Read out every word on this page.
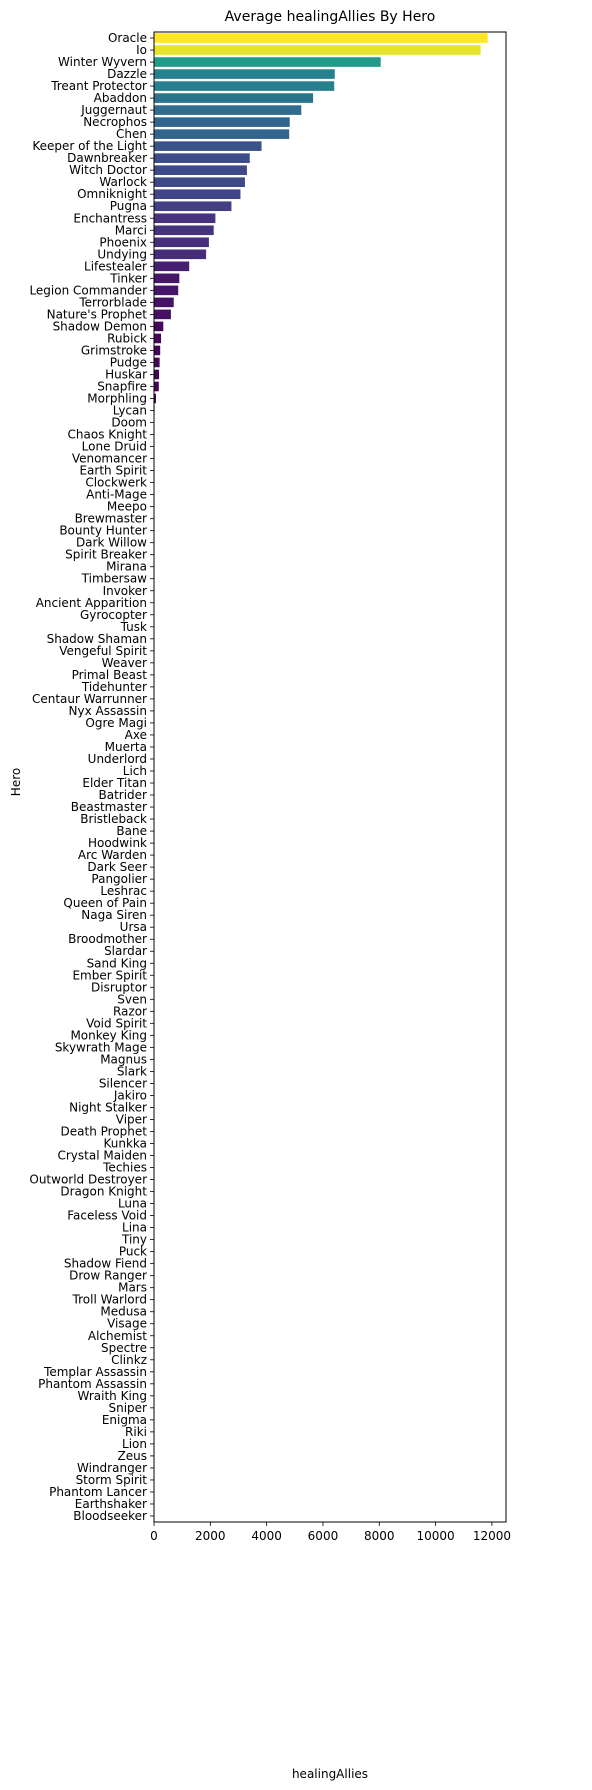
Average healingAllies By Hero
Oracle
Io
Winter Wyvern
Dazzle
Treant Protector
Abaddon
Juggernaut
Necrophos
Chen
Keeper of the Light
Dawnbreaker
Witch Doctor
Warlock
Omniknight
Pugna
Enchantress
Marci
Phoenix
Undying
Lifestealer
Tinker
Legion Commander
Terrorblade
Nature's Prophet
Shadow Demon
Rubick
Grimstroke
Pudge
Huskar
Snapfire
Morphling
Lycan
Doom
Chaos Knight
Lone Druid
Venomancer
Earth Spirit
Clockwerk
Anti-Mage
Meepo
Brewmaster
Bounty Hunter
Dark Willow
Spirit Breaker
Mirana
Timbersaw
Invoker
Ancient Apparition
Gyrocopter
Tusk
Shadow Shaman
Vengeful Spirit
Weaver
Primal Beast
Tidehunter
Centaur Warrunner
Nyx Assassin
Ogre Magi
Axe
Muerta
Underlord
Lich
Elder Titan
Batrider
Beastmaster
Bristleback
Bane
Hoodwink
Arc Warden
Dark Seer
Pangolier
Leshrac
Queen of Pain
Naga Siren
Ursa
Broodmother
Slardar
Sand King
Ember Spirit
Disruptor
Sven
Razor
Void Spirit
Monkey King
Skywrath Mage
Magnus
Slark
Silencer
Jakiro
Night Stalker
Viper
Death Prophet
Kunkka
Crystal Maiden
Techies
Outworld Destroyer
Dragon Knight
Luna
Faceless Void
Lina
Tiny
Puck
Shadow Fiend
Drow Ranger
Mars
Troll Warlord
Medusa
Visage
Alchemist
Spectre
Clinkz
Templar Assassin
Phantom Assassin
Wraith King
Sniper
Enigma
Riki
Lion
Zeus
Windranger
Storm Spirit
Phantom Lancer
Earthshaker
Bloodseeker
0	2000 4000 6000 8000 10000 12000
healingAllies
Hero
